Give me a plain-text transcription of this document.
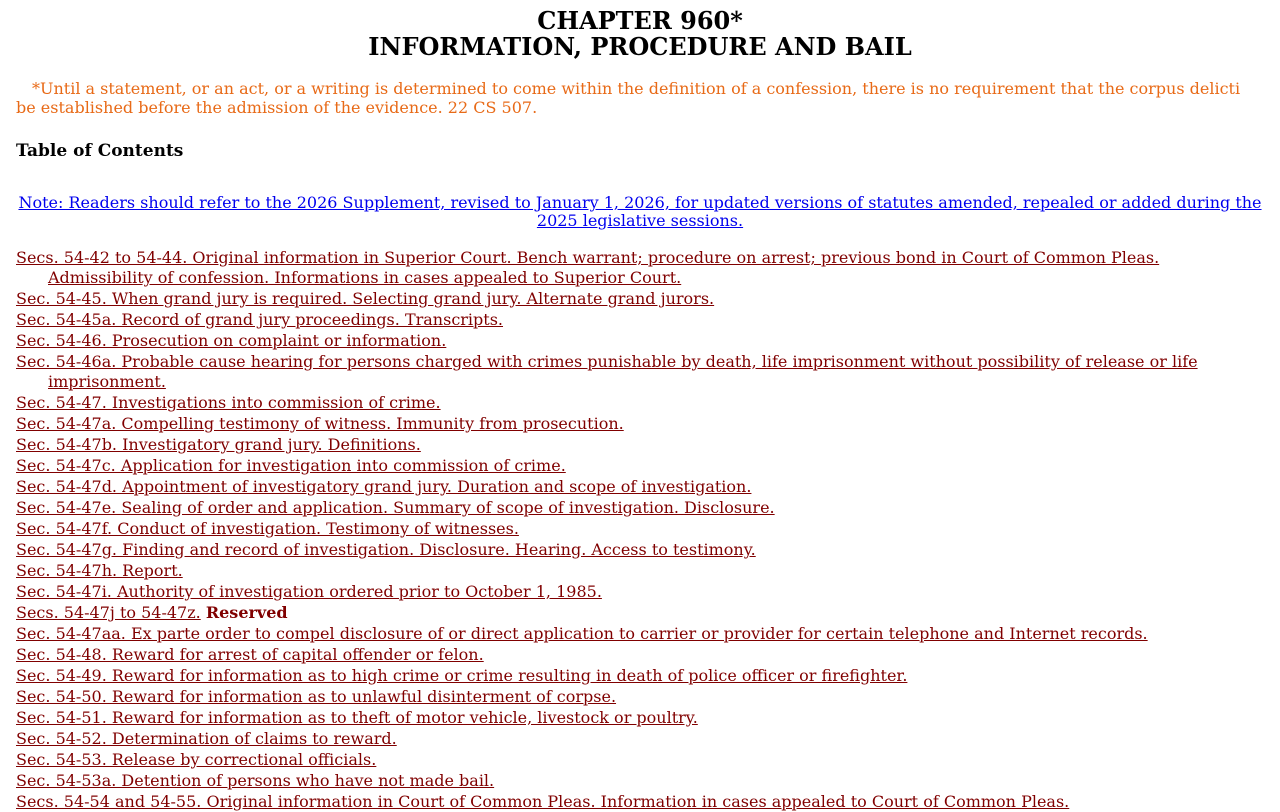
CHAPTER 960*
INFORMATION, PROCEDURE AND BAIL
*Until a statement, or an act, or a writing is determined to come within the definition of a confession, there is no requirement that the corpus delicti
be established before the admission of the evidence. 22 CS 507.
Table of Contents
Note: Readers should refer to the 2026 Supplement, revised to January 1, 2026, for updated versions of statutes amended, repealed or added during the
2025 legislative sessions.
Secs. 54-42 to 54-44. Original information in Superior Court. Bench warrant; procedure on arrest; previous bond in Court of Common Pleas. Admissibility of confession. Informations in cases appealed to Superior Court.
Sec. 54-45. When grand jury is required. Selecting grand jury. Alternate grand jurors.
Sec. 54-45a. Record of grand jury proceedings. Transcripts.
Sec. 54-46. Prosecution on complaint or information.
Sec. 54-46a. Probable cause hearing for persons charged with crimes punishable by death, life imprisonment without possibility of release or life imprisonment.
Sec. 54-47. Investigations into commission of crime.
Sec. 54-47a. Compelling testimony of witness. Immunity from prosecution.
Sec. 54-47b. Investigatory grand jury. Definitions.
Sec. 54-47c. Application for investigation into commission of crime.
Sec. 54-47d. Appointment of investigatory grand jury. Duration and scope of investigation.
Sec. 54-47e. Sealing of order and application. Summary of scope of investigation. Disclosure.
Sec. 54-47f. Conduct of investigation. Testimony of witnesses.
Sec. 54-47g. Finding and record of investigation. Disclosure. Hearing. Access to testimony.
Sec. 54-47h. Report.
Sec. 54-47i. Authority of investigation ordered prior to October 1, 1985.
Secs. 54-47j to 54-47z. Reserved
Sec. 54-47aa. Ex parte order to compel disclosure of or direct application to carrier or provider for certain telephone and Internet records.
Sec. 54-48. Reward for arrest of capital offender or felon.
Sec. 54-49. Reward for information as to high crime or crime resulting in death of police officer or firefighter.
Sec. 54-50. Reward for information as to unlawful disinterment of corpse.
Sec. 54-51. Reward for information as to theft of motor vehicle, livestock or poultry.
Sec. 54-52. Determination of claims to reward.
Sec. 54-53. Release by correctional officials.
Sec. 54-53a. Detention of persons who have not made bail.
Secs. 54-54 and 54-55. Original information in Court of Common Pleas. Information in cases appealed to Court of Common Pleas.
